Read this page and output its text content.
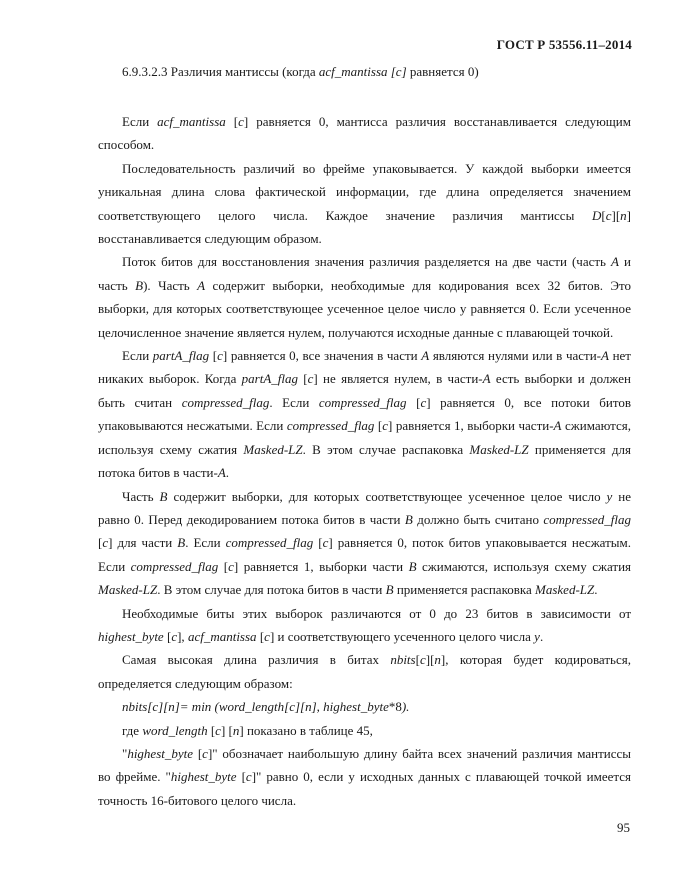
ГОСТ Р 53556.11–2014
6.9.3.2.3 Различия мантиссы (когда acf_mantissa [c] равняется 0)

Если acf_mantissa [c] равняется 0, мантисса различия восстанавливается следующим способом.

Последовательность различий во фрейме упаковывается. У каждой выборки имеется уникальная длина слова фактической информации, где длина определяется значением соответствующего целого числа. Каждое значение различия мантиссы D[c][n] восстанавливается следующим образом.

Поток битов для восстановления значения различия разделяется на две части (часть A и часть B). Часть A содержит выборки, необходимые для кодирования всех 32 битов. Это выборки, для которых соответствующее усеченное целое число y равняется 0. Если усеченное целочисленное значение является нулем, получаются исходные данные с плавающей точкой.

Если partA_flag [c] равняется 0, все значения в части A являются нулями или в части-A нет никаких выборок. Когда partA_flag [c] не является нулем, в части-A есть выборки и должен быть считан compressed_flag. Если compressed_flag [c] равняется 0, все потоки битов упаковываются несжатыми. Если compressed_flag [c] равняется 1, выборки части-A сжимаются, используя схему сжатия Masked-LZ. В этом случае распаковка Masked-LZ применяется для потока битов в части-A.

Часть B содержит выборки, для которых соответствующее усеченное целое число y не равно 0. Перед декодированием потока битов в части B должно быть считано compressed_flag [c] для части B. Если compressed_flag [c] равняется 0, поток битов упаковывается несжатым. Если compressed_flag [c] равняется 1, выборки части B сжимаются, используя схему сжатия Masked-LZ. В этом случае для потока битов в части B применяется распаковка Masked-LZ.

Необходимые биты этих выборок различаются от 0 до 23 битов в зависимости от highest_byte [c], acf_mantissa [c] и соответствующего усеченного целого числа y.

Самая высокая длина различия в битах nbits[c][n], которая будет кодироваться, определяется следующим образом:

nbits[c][n]= min (word_length[c][n], highest_byte*8).

где word_length [c] [n] показано в таблице 45,

"highest_byte [c]" обозначает наибольшую длину байта всех значений различия мантиссы во фрейме. "highest_byte [c]" равно 0, если у исходных данных с плавающей точкой имеется точность 16-битового целого числа.

95
